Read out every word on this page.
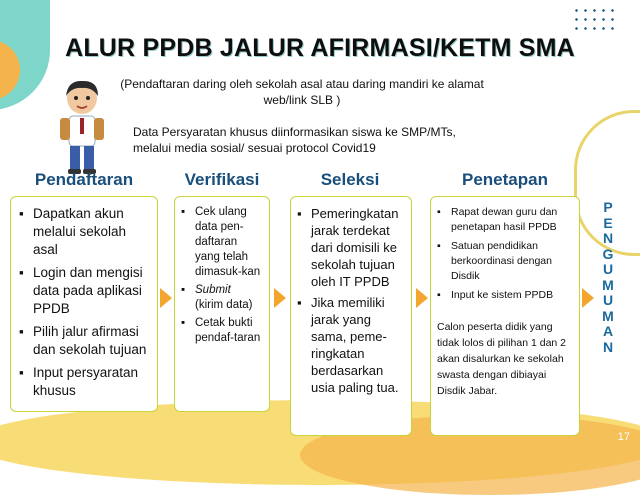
ALUR PPDB JALUR AFIRMASI/KETM SMA
(Pendaftaran daring oleh sekolah asal atau daring mandiri ke alamat web/link SLB )
Data Persyaratan khusus diinformasikan siswa ke SMP/MTs, melalui media sosial/ sesuai protocol Covid19
Pendaftaran	Verifikasi	Seleksi	Penetapan
▪ Dapatkan akun melalui sekolah asal
▪ Login dan mengisi data pada aplikasi PPDB
▪ Pilih jalur afirmasi dan sekolah tujuan
▪ Input persyaratan khusus
▪ Cek ulang data pen-daftaran yang telah dimasuk-kan
▪ Submit
(kirim data)
▪ Cetak bukti pendaf-taran
▪ Pemeringkatan jarak terdekat dari domisili ke sekolah tujuan oleh IT PPDB
▪ Jika memiliki jarak yang sama, peme-ringkatan berdasarkan usia paling tua.
▪ Rapat dewan guru dan penetapan hasil PPDB
▪ Satuan pendidikan berkoordinasi dengan Disdik
▪ Input ke sistem PPDB
Calon peserta didik yang tidak lolos di pilihan 1 dan 2 akan disalurkan ke sekolah swasta dengan dibiayai Disdik Jabar.
P
E
N
G
U
M
U
M
A
N
17
